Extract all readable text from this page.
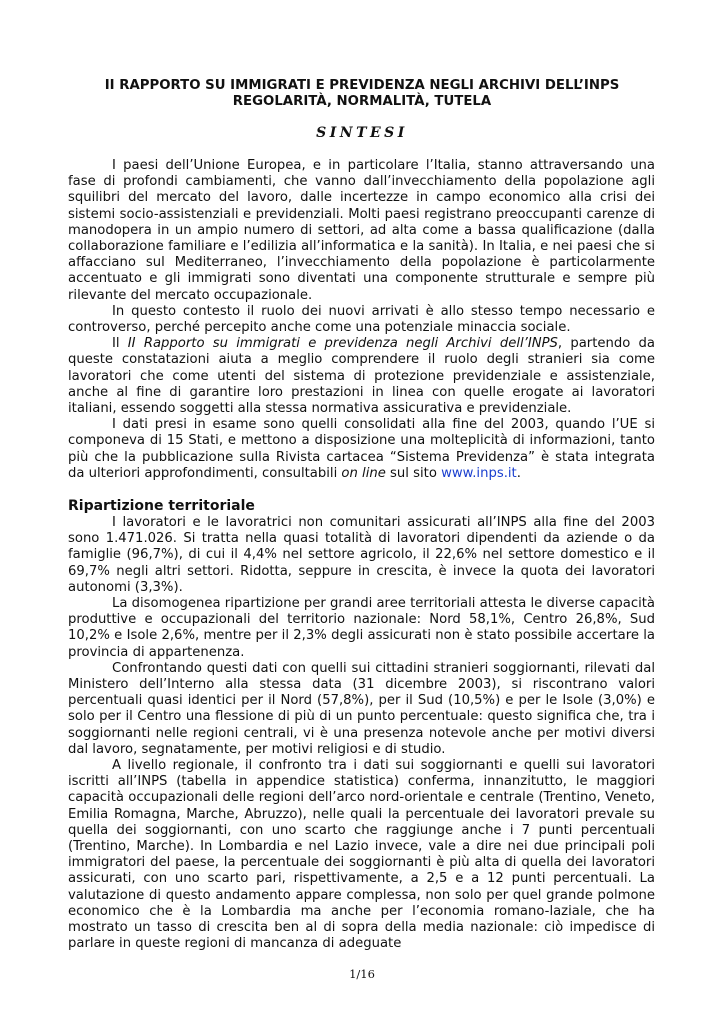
II RAPPORTO SU IMMIGRATI E PREVIDENZA NEGLI ARCHIVI DELL’INPS
REGOLARITÀ, NORMALITÀ, TUTELA
SINTESI

I paesi dell’Unione Europea, e in particolare l’Italia, stanno attraversando una fase di profondi cambiamenti, che vanno dall’invecchiamento della popolazione agli squilibri del mercato del lavoro, dalle incertezze in campo economico alla crisi dei sistemi socio-assistenziali e previdenziali. Molti paesi registrano preoccupanti carenze di manodopera in un ampio numero di settori, ad alta come a bassa qualificazione (dalla collaborazione familiare e l’edilizia all’informatica e la sanità). In Italia, e nei paesi che si affacciano sul Mediterraneo, l’invecchiamento della popolazione è particolarmente accentuato e gli immigrati sono diventati una componente strutturale e sempre più rilevante del mercato occupazionale.

In questo contesto il ruolo dei nuovi arrivati è allo stesso tempo necessario e controverso, perché percepito anche come una potenziale minaccia sociale.

Il II Rapporto su immigrati e previdenza negli Archivi dell’INPS, partendo da queste constatazioni aiuta a meglio comprendere il ruolo degli stranieri sia come lavoratori che come utenti del sistema di protezione previdenziale e assistenziale, anche al fine di garantire loro prestazioni in linea con quelle erogate ai lavoratori italiani, essendo soggetti alla stessa normativa assicurativa e previdenziale.

I dati presi in esame sono quelli consolidati alla fine del 2003, quando l’UE si componeva di 15 Stati, e mettono a disposizione una molteplicità di informazioni, tanto più che la pubblicazione sulla Rivista cartacea “Sistema Previdenza” è stata integrata da ulteriori approfondimenti, consultabili on line sul sito www.inps.it.

Ripartizione territoriale

I lavoratori e le lavoratrici non comunitari assicurati all’INPS alla fine del 2003 sono 1.471.026. Si tratta nella quasi totalità di lavoratori dipendenti da aziende o da famiglie (96,7%), di cui il 4,4% nel settore agricolo, il 22,6% nel settore domestico e il 69,7% negli altri settori. Ridotta, seppure in crescita, è invece la quota dei lavoratori autonomi (3,3%).

La disomogenea ripartizione per grandi aree territoriali attesta le diverse capacità produttive e occupazionali del territorio nazionale: Nord 58,1%, Centro 26,8%, Sud 10,2% e Isole 2,6%, mentre per il 2,3% degli assicurati non è stato possibile accertare la provincia di appartenenza.

Confrontando questi dati con quelli sui cittadini stranieri soggiornanti, rilevati dal Ministero dell’Interno alla stessa data (31 dicembre 2003), si riscontrano valori percentuali quasi identici per il Nord (57,8%), per il Sud (10,5%) e per le Isole (3,0%) e solo per il Centro una flessione di più di un punto percentuale: questo significa che, tra i soggiornanti nelle regioni centrali, vi è una presenza notevole anche per motivi diversi dal lavoro, segnatamente, per motivi religiosi e di studio.

A livello regionale, il confronto tra i dati sui soggiornanti e quelli sui lavoratori iscritti all’INPS (tabella in appendice statistica) conferma, innanzitutto, le maggiori capacità occupazionali delle regioni dell’arco nord-orientale e centrale (Trentino, Veneto, Emilia Romagna, Marche, Abruzzo), nelle quali la percentuale dei lavoratori prevale su quella dei soggiornanti, con uno scarto che raggiunge anche i 7 punti percentuali (Trentino, Marche). In Lombardia e nel Lazio invece, vale a dire nei due principali poli immigratori del paese, la percentuale dei soggiornanti è più alta di quella dei lavoratori assicurati, con uno scarto pari, rispettivamente, a 2,5 e a 12 punti percentuali. La valutazione di questo andamento appare complessa, non solo per quel grande polmone economico che è la Lombardia ma anche per l’economia romano-laziale, che ha mostrato un tasso di crescita ben al di sopra della media nazionale: ciò impedisce di parlare in queste regioni di mancanza di adeguate

1/16
